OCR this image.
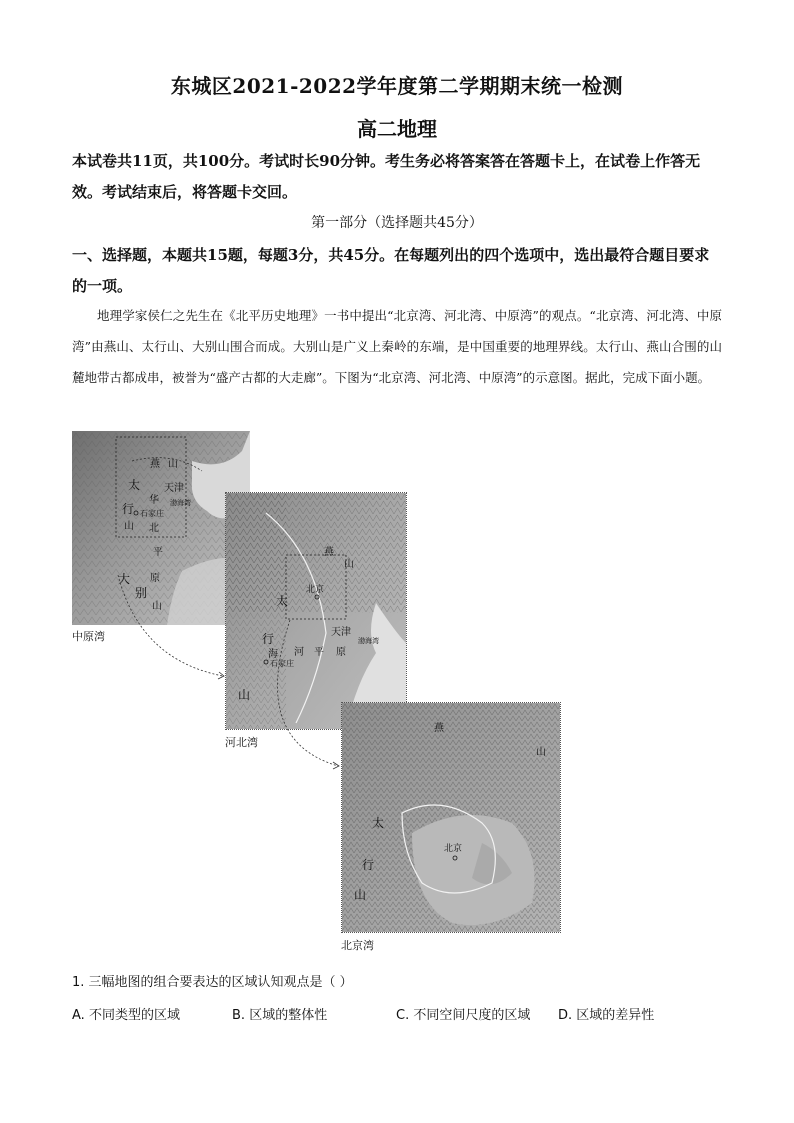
东城区2021-2022学年度第二学期期末统一检测
高二地理
本试卷共11页，共100分。考试时长90分钟。考生务必将答案答在答题卡上，在试卷上作答无效。考试结束后，将答题卡交回。
第一部分（选择题共45分）
一、选择题，本题共15题，每题3分，共45分。在每题列出的四个选项中，选出最符合题目要求的一项。
地理学家侯仁之先生在《北平历史地理》一书中提出“北京湾、河北湾、中原湾”的观点。“北京湾、河北湾、中原湾”由燕山、太行山、大别山围合而成。大别山是广义上秦岭的东端，是中国重要的地理界线。太行山、燕山合围的山麓地带古都成串，被誉为“盛产古都的大走廊”。下图为“北京湾、河北湾、中原湾”的示意图。据此，完成下面小题。
燕 山
太
华
北
平
原
行
山
大
别
山
天津
渤海湾
石家庄
中原湾
燕
山
北京
太
行
山
天津
渤海湾
海 河 平 原
石家庄
河北湾
燕
山
北京
太
行
山
北京湾
1. 三幅地图的组合要表达的区域认知观点是（ ）
A. 不同类型的区域	B. 区域的整体性	C. 不同空间尺度的区域 D. 区域的差异性
